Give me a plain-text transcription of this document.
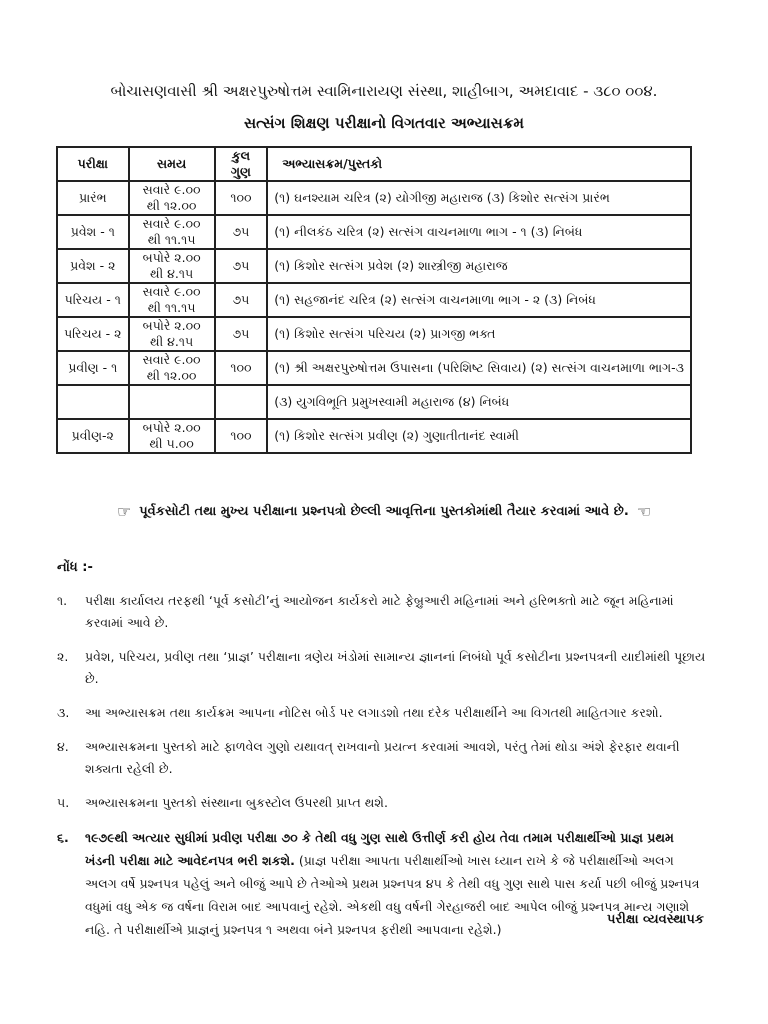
બોચાસણવાસી શ્રી અક્ષરપુરુષોત્તમ સ્વામિનારાયણ સંસ્થા, શાહીબાગ, અમદાવાદ - ૩૮૦ ૦૦૪.
સત્સંગ શિક્ષણ પરીક્ષાનો વિગતવાર અભ્યાસક્રમ
પરીક્ષા	સમય	કુલ ગુણ	અભ્યાસક્રમ/પુસ્તકો
પ્રારંભ	સવારે ૯.૦૦ થી ૧૨.૦૦	૧૦૦	(૧) ઘનશ્યામ ચરિત્ર (૨) યોગીજી મહારાજ (૩) કિશોર સત્સંગ પ્રારંભ
પ્રવેશ - ૧	સવારે ૯.૦૦ થી ૧૧.૧૫	૭૫	(૧) નીલકંઠ ચરિત્ર (૨) સત્સંગ વાચનમાળા ભાગ - ૧ (૩) નિબંધ
પ્રવેશ - ૨	બપોરે ૨.૦૦ થી ૪.૧૫	૭૫	(૧) કિશોર સત્સંગ પ્રવેશ (૨) શાસ્ત્રીજી મહારાજ
પરિચય - ૧	સવારે ૯.૦૦ થી ૧૧.૧૫	૭૫	(૧) સહજાનંદ ચરિત્ર (૨) સત્સંગ વાચનમાળા ભાગ - ૨ (૩) નિબંધ
પરિચય - ૨	બપોરે ૨.૦૦ થી ૪.૧૫	૭૫	(૧) કિશોર સત્સંગ પરિચય (૨) પ્રાગજી ભક્ત
પ્રવીણ - ૧	સવારે ૯.૦૦ થી ૧૨.૦૦	૧૦૦	(૧) શ્રી અક્ષરપુરુષોત્તમ ઉપાસના (પરિશિષ્ટ સિવાય) (૨) સત્સંગ વાચનમાળા ભાગ-૩
			(૩) યુગવિભૂતિ પ્રમુખસ્વામી મહારાજ (૪) નિબંધ
પ્રવીણ-૨	બપોરે ૨.૦૦ થી ૫.૦૦	૧૦૦	(૧) કિશોર સત્સંગ પ્રવીણ (૨) ગુણાતીતાનંદ સ્વામી
☞ પૂર્વકસોટી તથા મુખ્ય પરીક્ષાના પ્રશ્નપત્રો છેલ્લી આવૃત્તિના પુસ્તકોમાંથી તૈયાર કરવામાં આવે છે. ☜
નોંધ :-
૧.	પરીક્ષા કાર્યાલય તરફથી ‘પૂર્વ કસોટી’નું આયોજન કાર્યકરો માટે ફેબ્રુઆરી મહિનામાં અને હરિભક્તો માટે જૂન મહિનામાં કરવામાં આવે છે.
૨.	પ્રવેશ, પરિચય, પ્રવીણ તથા ‘પ્રાજ્ઞ’ પરીક્ષાના ત્રણેય ખંડોમાં સામાન્ય જ્ઞાનનાં નિબંધો પૂર્વ કસોટીના પ્રશ્નપત્રની યાદીમાંથી પૂછાય છે.
૩.	આ અભ્યાસક્રમ તથા કાર્યક્રમ આપના નોટિસ બોર્ડ પર લગાડશો તથા દરેક પરીક્ષાર્થીને આ વિગતથી માહિતગાર કરશો.
૪.	અભ્યાસક્રમના પુસ્તકો માટે ફાળવેલ ગુણો યથાવત્ રાખવાનો પ્રયત્ન કરવામાં આવશે, પરંતુ તેમાં થોડા અંશે ફેરફાર થવાની શક્યતા રહેલી છે.
૫.	અભ્યાસક્રમના પુસ્તકો સંસ્થાના બુકસ્ટોલ ઉપરથી પ્રાપ્ત થશે.
૬.	૧૯૭૯થી અત્યાર સુધીમાં પ્રવીણ પરીક્ષા ૭૦ કે તેથી વધુ ગુણ સાથે ઉત્તીર્ણ કરી હોય તેવા તમામ પરીક્ષાર્થીઓ પ્રાજ્ઞ પ્રથમ ખંડની પરીક્ષા માટે આવેદનપત્ર ભરી શકશે. (પ્રાજ્ઞ પરીક્ષા આપતા પરીક્ષાર્થીઓ ખાસ ધ્યાન રાખે કે જે પરીક્ષાર્થીઓ અલગ અલગ વર્ષે પ્રશ્નપત્ર પહેલું અને બીજું આપે છે તેઓએ પ્રથમ પ્રશ્નપત્ર ૪૫ કે તેથી વધુ ગુણ સાથે પાસ કર્યા પછી બીજું પ્રશ્નપત્ર વધુમાં વધુ એક જ વર્ષના વિરામ બાદ આપવાનું રહેશે. એકથી વધુ વર્ષની ગેરહાજરી બાદ આપેલ બીજું પ્રશ્નપત્ર માન્ય ગણાશે નહિ. તે પરીક્ષાર્થીએ પ્રાજ્ઞનું પ્રશ્નપત્ર ૧ અથવા બંને પ્રશ્નપત્ર ફરીથી આપવાના રહેશે.)
પરીક્ષા વ્યવસ્થાપક
